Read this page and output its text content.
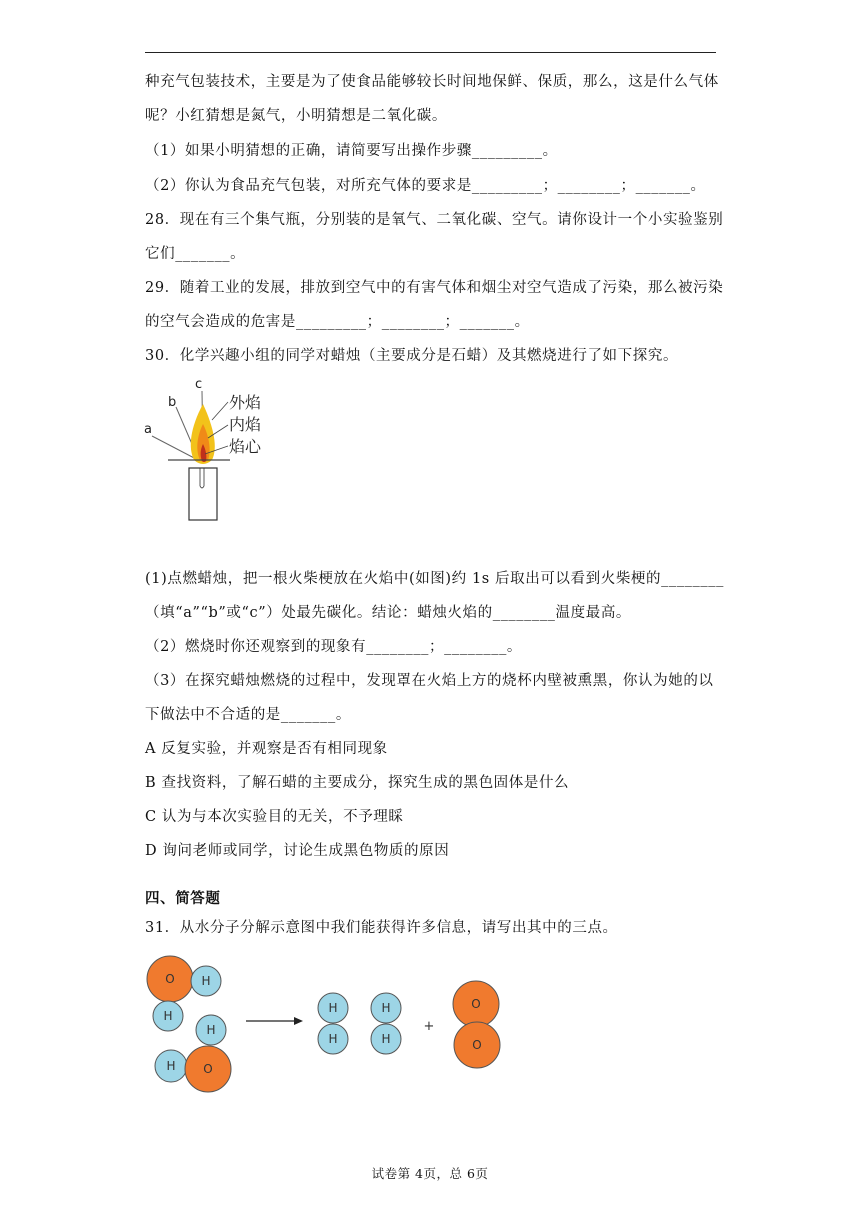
种充气包装技术，主要是为了使食品能够较长时间地保鲜、保质，那么，这是什么气体
呢？小红猜想是氮气，小明猜想是二氧化碳。
（1）如果小明猜想的正确，请简要写出操作步骤_________。
（2）你认为食品充气包装，对所充气体的要求是_________；________；_______。
28．现在有三个集气瓶，分别装的是氧气、二氧化碳、空气。请你设计一个小实验鉴别
它们_______。
29．随着工业的发展，排放到空气中的有害气体和烟尘对空气造成了污染，那么被污染
的空气会造成的危害是_________；________；_______。
30．化学兴趣小组的同学对蜡烛（主要成分是石蜡）及其燃烧进行了如下探究。
c
b
a
外焰
内焰
焰心
(1)点燃蜡烛，把一根火柴梗放在火焰中(如图)约 1s 后取出可以看到火柴梗的________
（填“a”“b”或“c”）处最先碳化。结论：蜡烛火焰的________温度最高。
（2）燃烧时你还观察到的现象有________；________。
（3）在探究蜡烛燃烧的过程中，发现罩在火焰上方的烧杯内壁被熏黑，你认为她的以
下做法中不合适的是_______。
A 反复实验，并观察是否有相同现象
B 查找资料，了解石蜡的主要成分，探究生成的黑色固体是什么
C 认为与本次实验目的无关，不予理睬
D 询问老师或同学，讨论生成黑色物质的原因
四、简答题
31．从水分子分解示意图中我们能获得许多信息，请写出其中的三点。
O H
H
H
H O
H
H
H
H
O
O
+
试卷第 4页，总 6页
